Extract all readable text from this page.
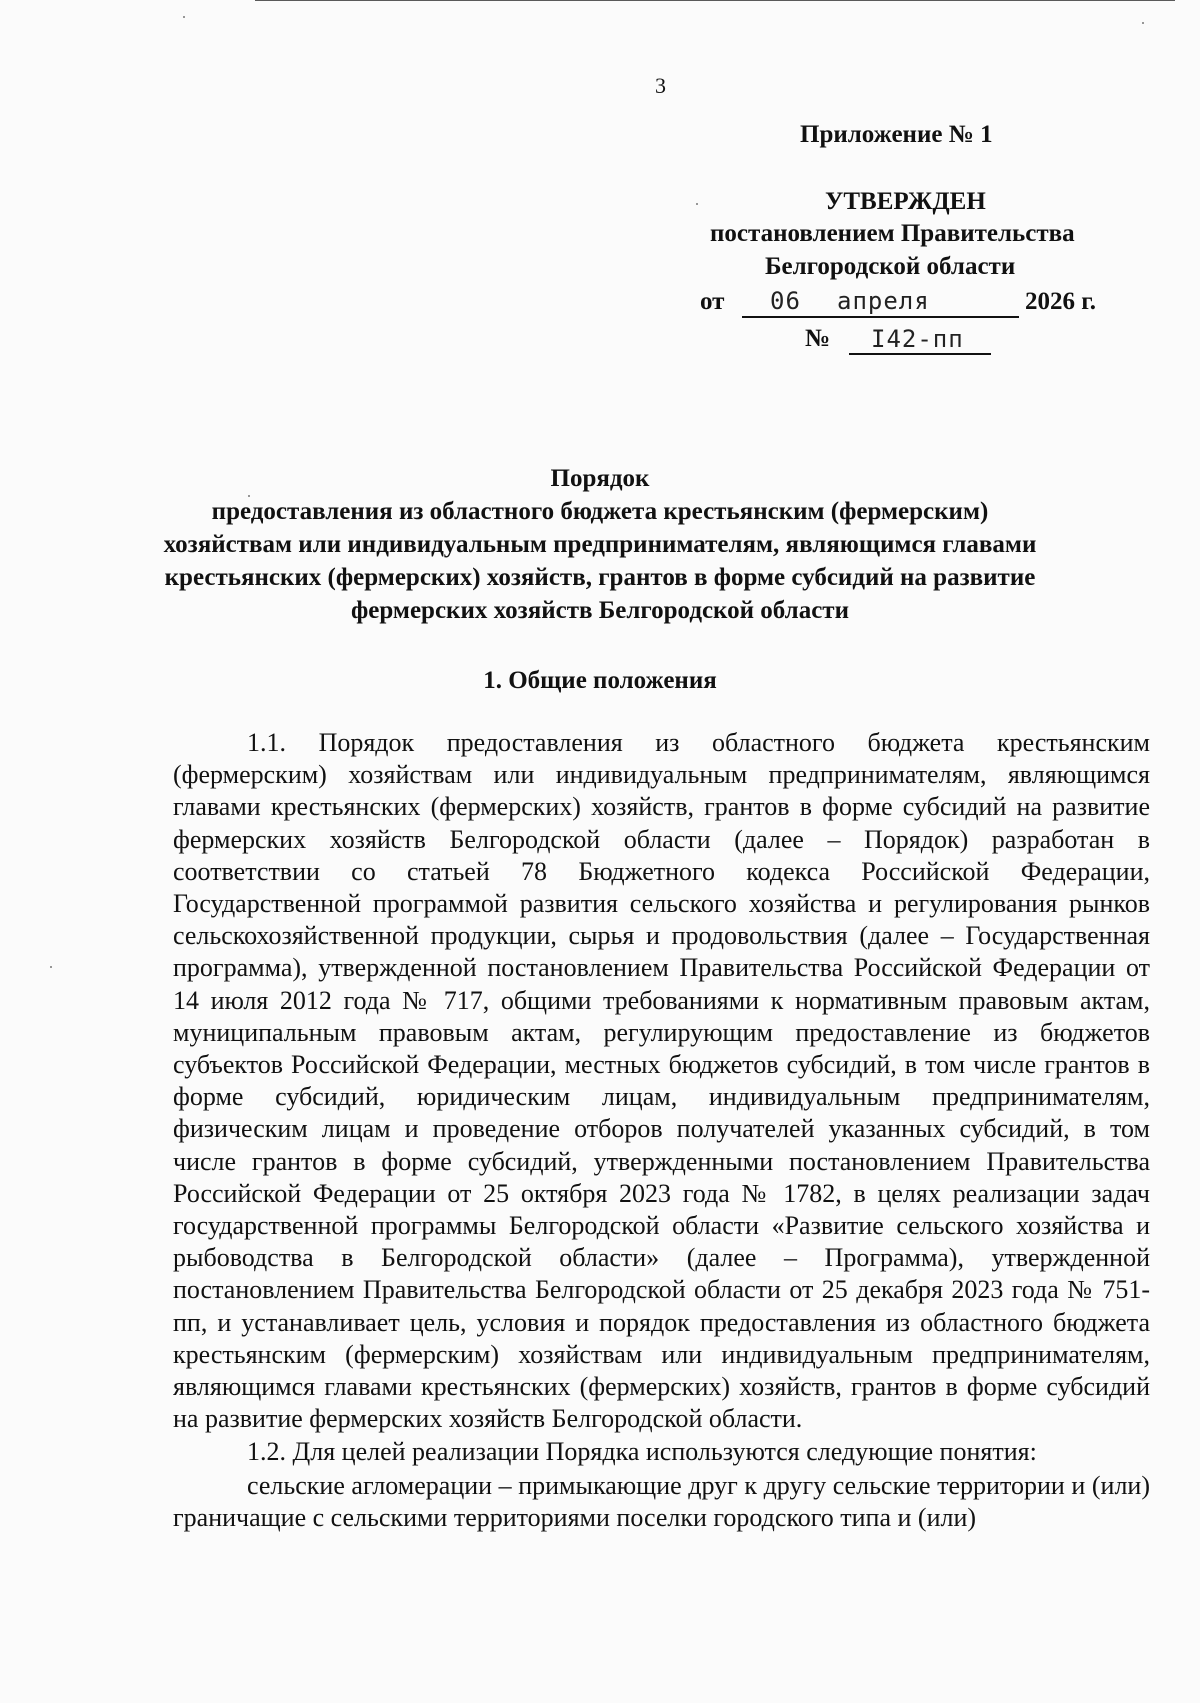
3
Приложение № 1
УТВЕРЖДЕН
постановлением Правительства
Белгородской области
от 06 апреля	2026 г.
№ I42-пп
Порядок
предоставления из областного бюджета крестьянским (фермерским) хозяйствам или индивидуальным предпринимателям, являющимся главами крестьянских (фермерских) хозяйств, грантов в форме субсидий на развитие фермерских хозяйств Белгородской области
1. Общие положения

1.1. Порядок предоставления из областного бюджета крестьянским (фермерским) хозяйствам или индивидуальным предпринимателям, являющимся главами крестьянских (фермерских) хозяйств, грантов в форме субсидий на развитие фермерских хозяйств Белгородской области (далее – Порядок) разработан в соответствии со статьей 78 Бюджетного кодекса Российской Федерации, Государственной программой развития сельского хозяйства и регулирования рынков сельскохозяйственной продукции, сырья и продовольствия (далее – Государственная программа), утвержденной постановлением Правительства Российской Федерации от 14 июля 2012 года № 717, общими требованиями к нормативным правовым актам, муниципальным правовым актам, регулирующим предоставление из бюджетов субъектов Российской Федерации, местных бюджетов субсидий, в том числе грантов в форме субсидий, юридическим лицам, индивидуальным предпринимателям, физическим лицам и проведение отборов получателей указанных субсидий, в том числе грантов в форме субсидий, утвержденными постановлением Правительства Российской Федерации от 25 октября 2023 года № 1782, в целях реализации задач государственной программы Белгородской области «Развитие сельского хозяйства и рыбоводства в Белгородской области» (далее – Программа), утвержденной постановлением Правительства Белгородской области от 25 декабря 2023 года № 751-пп, и устанавливает цель, условия и порядок предоставления из областного бюджета крестьянским (фермерским) хозяйствам или индивидуальным предпринимателям, являющимся главами крестьянских (фермерских) хозяйств, грантов в форме субсидий на развитие фермерских хозяйств Белгородской области.

1.2. Для целей реализации Порядка используются следующие понятия:

сельские агломерации – примыкающие друг к другу сельские территории и (или) граничащие с сельскими территориями поселки городского типа и (или)
